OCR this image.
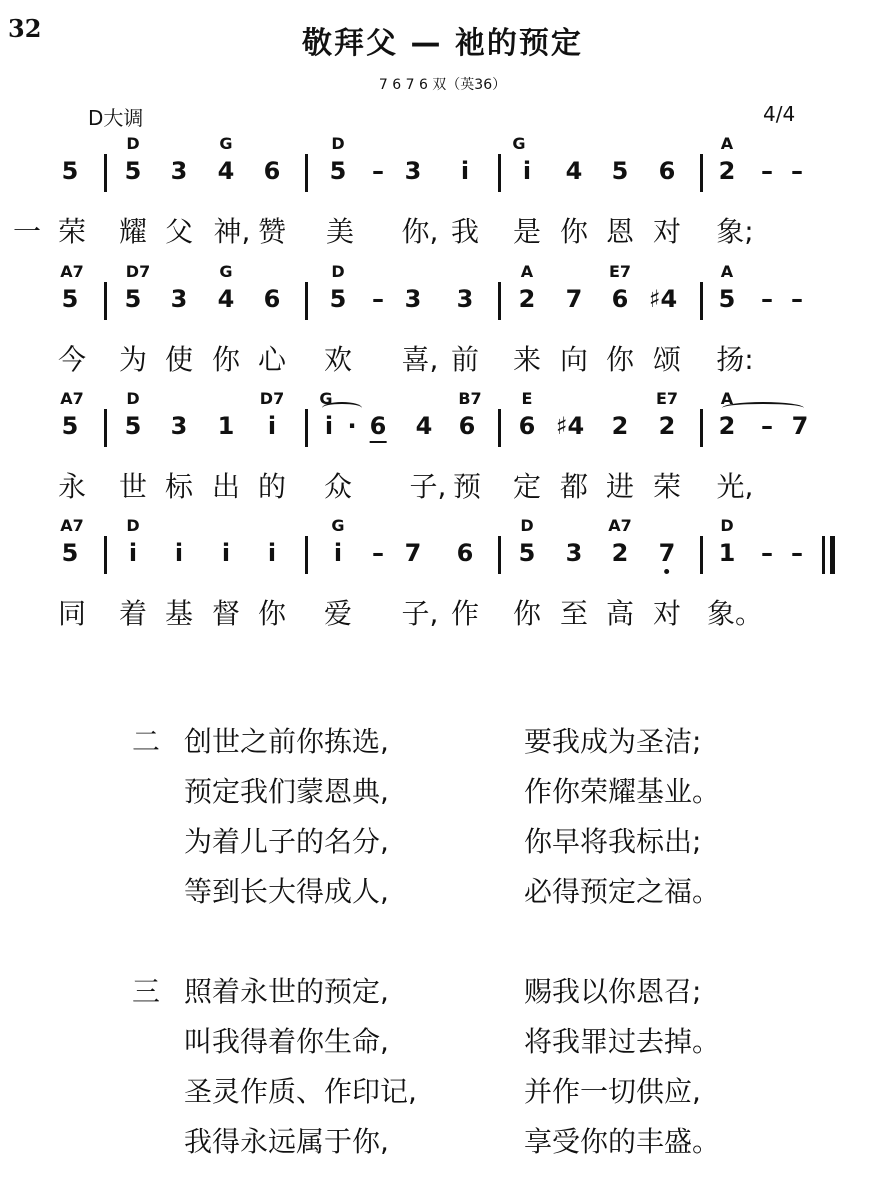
32	敬拜父 — 祂的预定
7 6 7 6 双（英36）
D大调	4/4
D	G	D	G	A
5 5 3 4 6 5 – 3 i i 4 5 6 2 – –
一 荣 耀 父 神, 赞 美 你, 我 是 你 恩 对 象;
A7	D7	G	D	A	E7	A
5 5 3 4 6 5 – 3 3 2 7 6 ♯4 5 – –
今 为 使 你 心 欢 喜, 前 来 向 你 颂 扬:
A7	D	D7 G	B7 E	E7	A
5 5 3 1 i i · 6 4 6 6 ♯4 2 2 2 – 7
永 世 标 出 的 众 子, 预 定 都 进 荣 光,
A7	D	G	D	A7	D
5 i i i i i – 7 6 5 3 2 7 1 – –
同 着 基 督 你 爱 子, 作 你 至 高 对 象。
二 创世之前你拣选,	要我成为圣洁;
预定我们蒙恩典,	作你荣耀基业。
为着儿子的名分,	你早将我标出;
等到长大得成人,	必得预定之福。
三 照着永世的预定,	赐我以你恩召;
叫我得着你生命,	将我罪过去掉。
圣灵作质、作印记,	并作一切供应,
我得永远属于你,	享受你的丰盛。
